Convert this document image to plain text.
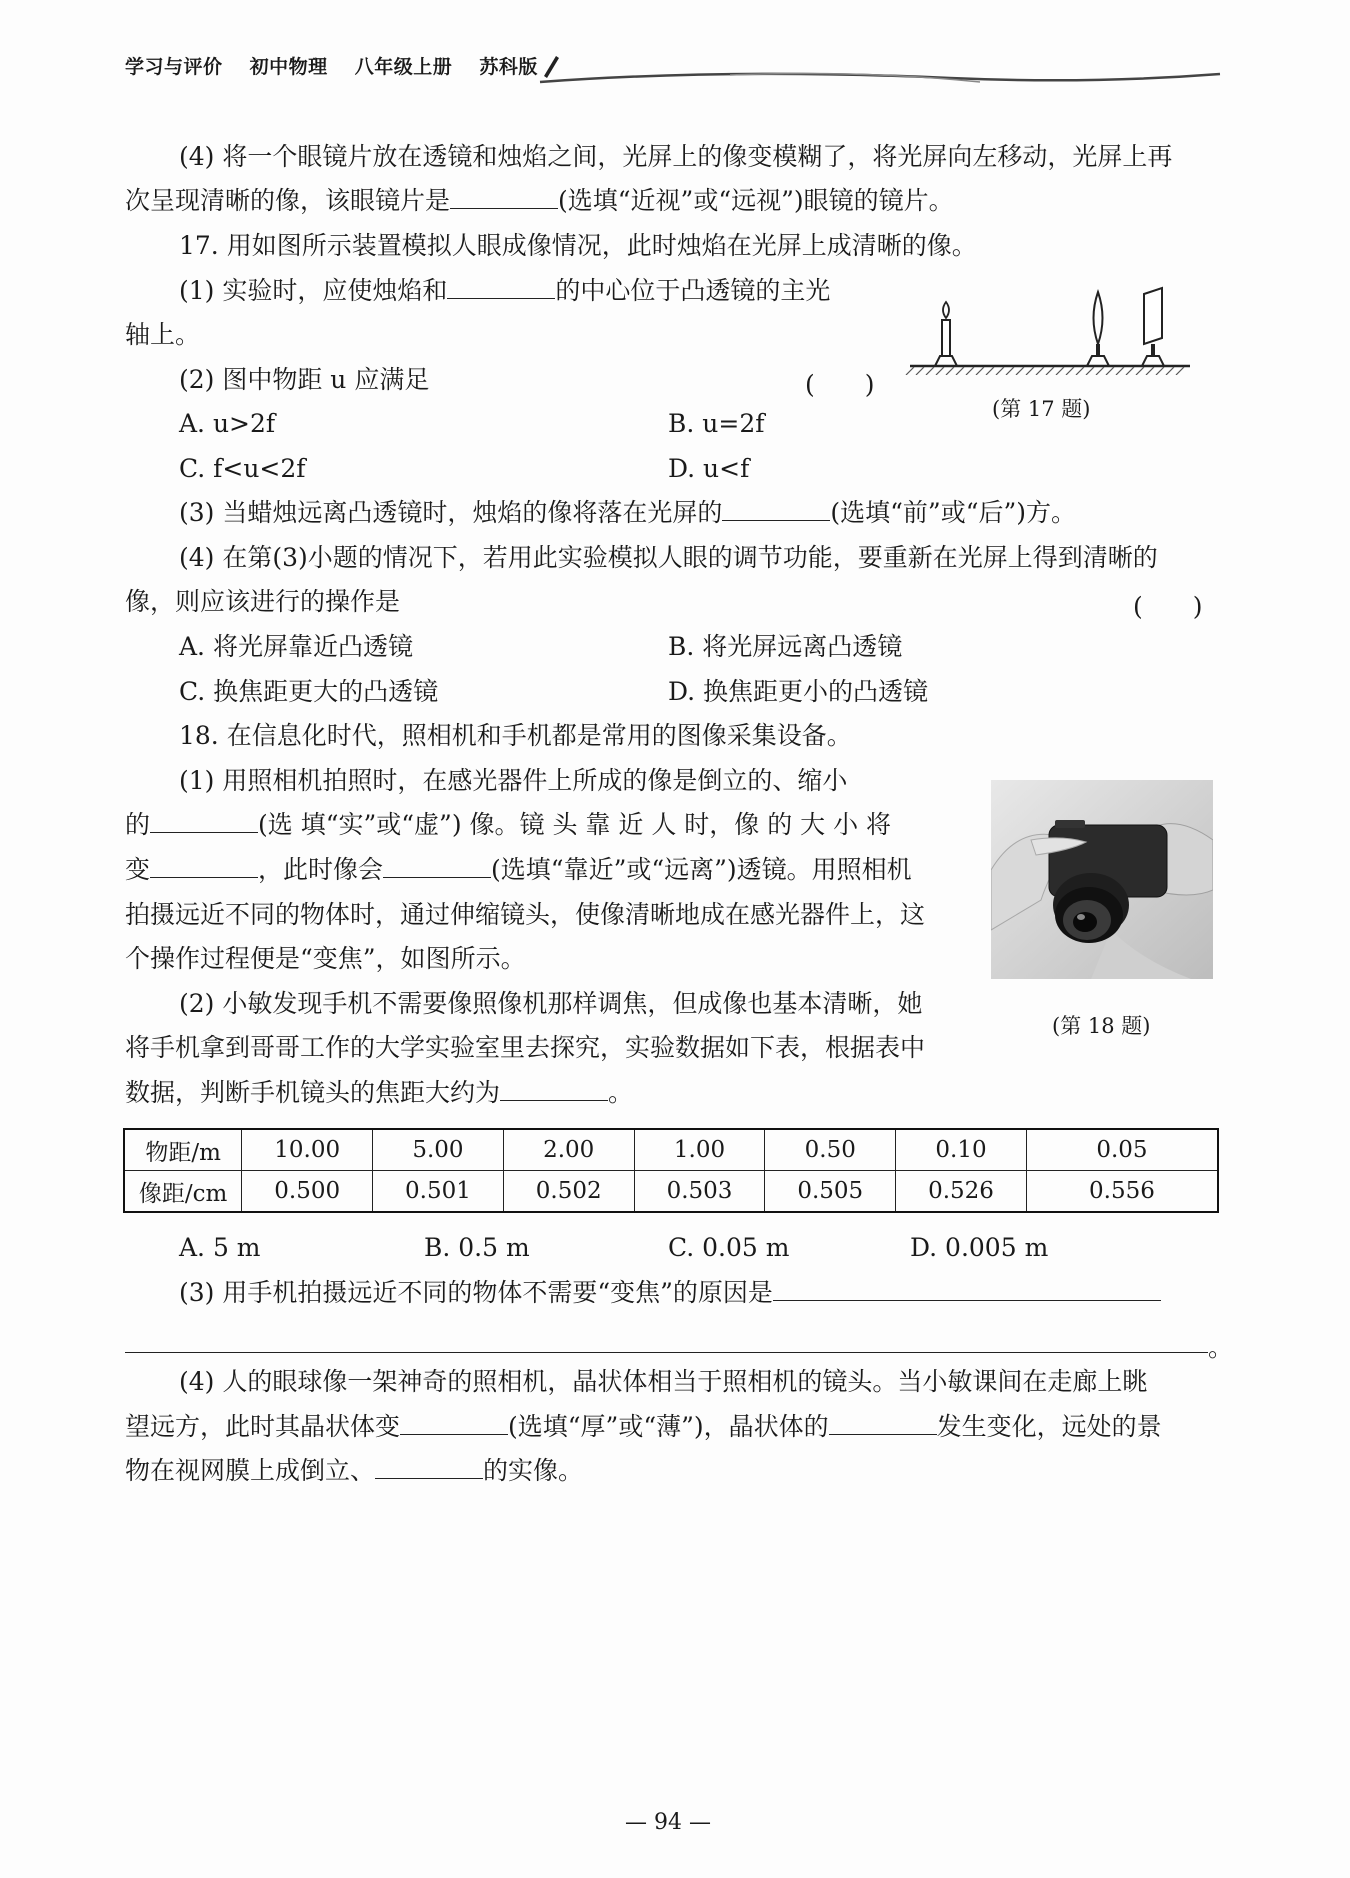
学习与评价 初中物理 八年级上册 苏科版
(4) 将一个眼镜片放在透镜和烛焰之间，光屏上的像变模糊了，将光屏向左移动，光屏上再
次呈现清晰的像，该眼镜片是	(选填“近视”或“远视”)眼镜的镜片。
17. 用如图所示装置模拟人眼成像情况，此时烛焰在光屏上成清晰的像。
(1) 实验时，应使烛焰和	的中心位于凸透镜的主光
轴上。
(2) 图中物距 u 应满足	(　　)
(第 17 题)
A. u>2f	B. u=2f
C. f<u<2f	D. u<f
(3) 当蜡烛远离凸透镜时，烛焰的像将落在光屏的	(选填“前”或“后”)方。
(4) 在第(3)小题的情况下，若用此实验模拟人眼的调节功能，要重新在光屏上得到清晰的
像，则应该进行的操作是	(　　)
A. 将光屏靠近凸透镜	B. 将光屏远离凸透镜
C. 换焦距更大的凸透镜	D. 换焦距更小的凸透镜
18. 在信息化时代，照相机和手机都是常用的图像采集设备。
(1) 用照相机拍照时，在感光器件上所成的像是倒立的、缩小
的	(选 填“实”或“虚”) 像。镜 头 靠 近 人 时，像 的 大 小 将
变	，此时像会	(选填“靠近”或“远离”)透镜。用照相机
拍摄远近不同的物体时，通过伸缩镜头，使像清晰地成在感光器件上，这
个操作过程便是“变焦”，如图所示。
(2) 小敏发现手机不需要像照像机那样调焦，但成像也基本清晰，她
将手机拿到哥哥工作的大学实验室里去探究，实验数据如下表，根据表中
数据，判断手机镜头的焦距大约为	。
(第 18 题)
物距/m	10.00	5.00	2.00	1.00	0.50	0.10	0.05
像距/cm	0.500	0.501	0.502	0.503	0.505	0.526	0.556
A. 5 m	B. 0.5 m	C. 0.05 m	D. 0.005 m
(3) 用手机拍摄远近不同的物体不需要“变焦”的原因是
。
(4) 人的眼球像一架神奇的照相机，晶状体相当于照相机的镜头。当小敏课间在走廊上眺
望远方，此时其晶状体变	(选填“厚”或“薄”)，晶状体的	发生变化，远处的景
物在视网膜上成倒立、	的实像。
— 94 —
